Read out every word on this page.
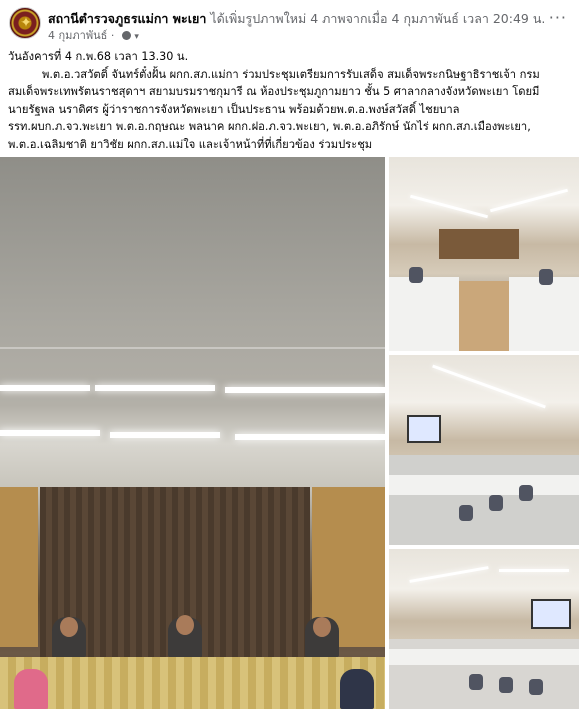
✦ สถานีตำรวจภูธรแม่กา พะเยา ได้เพิ่มรูปภาพใหม่ 4 ภาพจากเมื่อ 4 กุมภาพันธ์ เวลา 20:49 น.
4 กุมภาพันธ์ · ▾
···

วันอังคารที่ 4 ก.พ.68 เวลา 13.30 น.

พ.ต.อ.วสวัตติ์ จันทร์ตั๋งฝั้น ผกก.สภ.แม่กา ร่วมประชุมเตรียมการรับเสด็จ สมเด็จพระกนิษฐาธิราชเจ้า กรม

สมเด็จพระเทพรัตนราชสุดาฯ สยามบรมราชกุมารี ณ ห้องประชุมภูกามยาว ชั้น 5 ศาลากลางจังหวัดพะเยา โดยมี

นายรัฐพล นราดิศร ผู้ว่าราชการจังหวัดพะเยา เป็นประธาน พร้อมด้วยพ.ต.อ.พงษ์สวัสดิ์ ไชยบาล

รรท.ผบก.ภ.จว.พะเยา พ.ต.อ.กฤษณะ พลนาค ผกก.ฝอ.ภ.จว.พะเยา, พ.ต.อ.อภิรักษ์ นักไร่ ผกก.สภ.เมืองพะเยา,

พ.ต.อ.เฉลิมชาติ ยาวิชัย ผกก.สภ.แม่ใจ และเจ้าหน้าที่ที่เกี่ยวข้อง ร่วมประชุม
